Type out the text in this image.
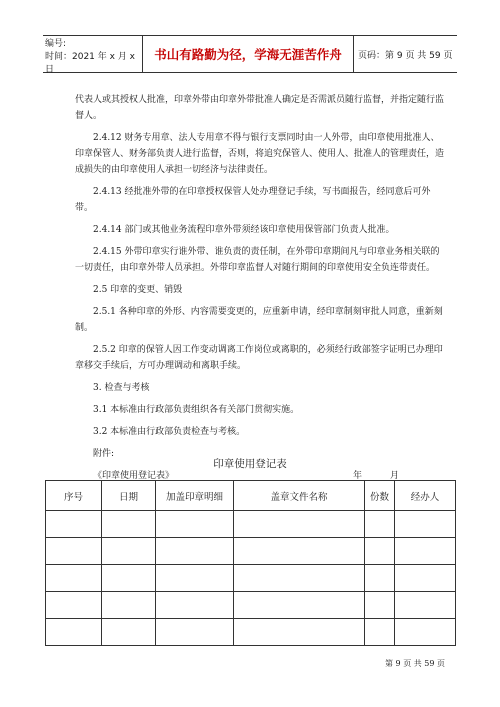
编号:
时间：2021 年 x 月 x 日
书山有路勤为径，学海无涯苦作舟	页码：第 9 页 共 59 页

代表人或其授权人批准，印章外带由印章外带批准人确定是否需派员随行监督，并指定随行监督人。

2.4.12 财务专用章、法人专用章不得与银行支票同时由一人外带，由印章使用批准人、印章保管人、财务部负责人进行监督，否则，将追究保管人、使用人、批准人的管理责任，造成损失的由印章使用人承担一切经济与法律责任。

2.4.13 经批准外带的在印章授权保管人处办理登记手续，写书面报告，经同意后可外带。

2.4.14 部门或其他业务流程印章外带须经该印章使用保管部门负责人批准。

2.4.15 外带印章实行谁外带、谁负责的责任制，在外带印章期间凡与印章业务相关联的一切责任，由印章外带人员承担。外带印章监督人对随行期间的印章使用安全负连带责任。

2.5 印章的变更、销毁

2.5.1 各种印章的外形、内容需要变更的，应重新申请，经印章制刻审批人同意，重新刻制。

2.5.2 印章的保管人因工作变动调离工作岗位或离职的，必须经行政部签字证明已办理印章移交手续后，方可办理调动和离职手续。

3. 检查与考核

3.1 本标准由行政部负责组织各有关部门贯彻实施。

3.2 本标准由行政部负责检查与考核。

附件:

《印章使用登记表》

印章使用登记表
年	月
序号	日期	加盖印章明细	盖章文件名称	份数	经办人

第 9 页 共 59 页
